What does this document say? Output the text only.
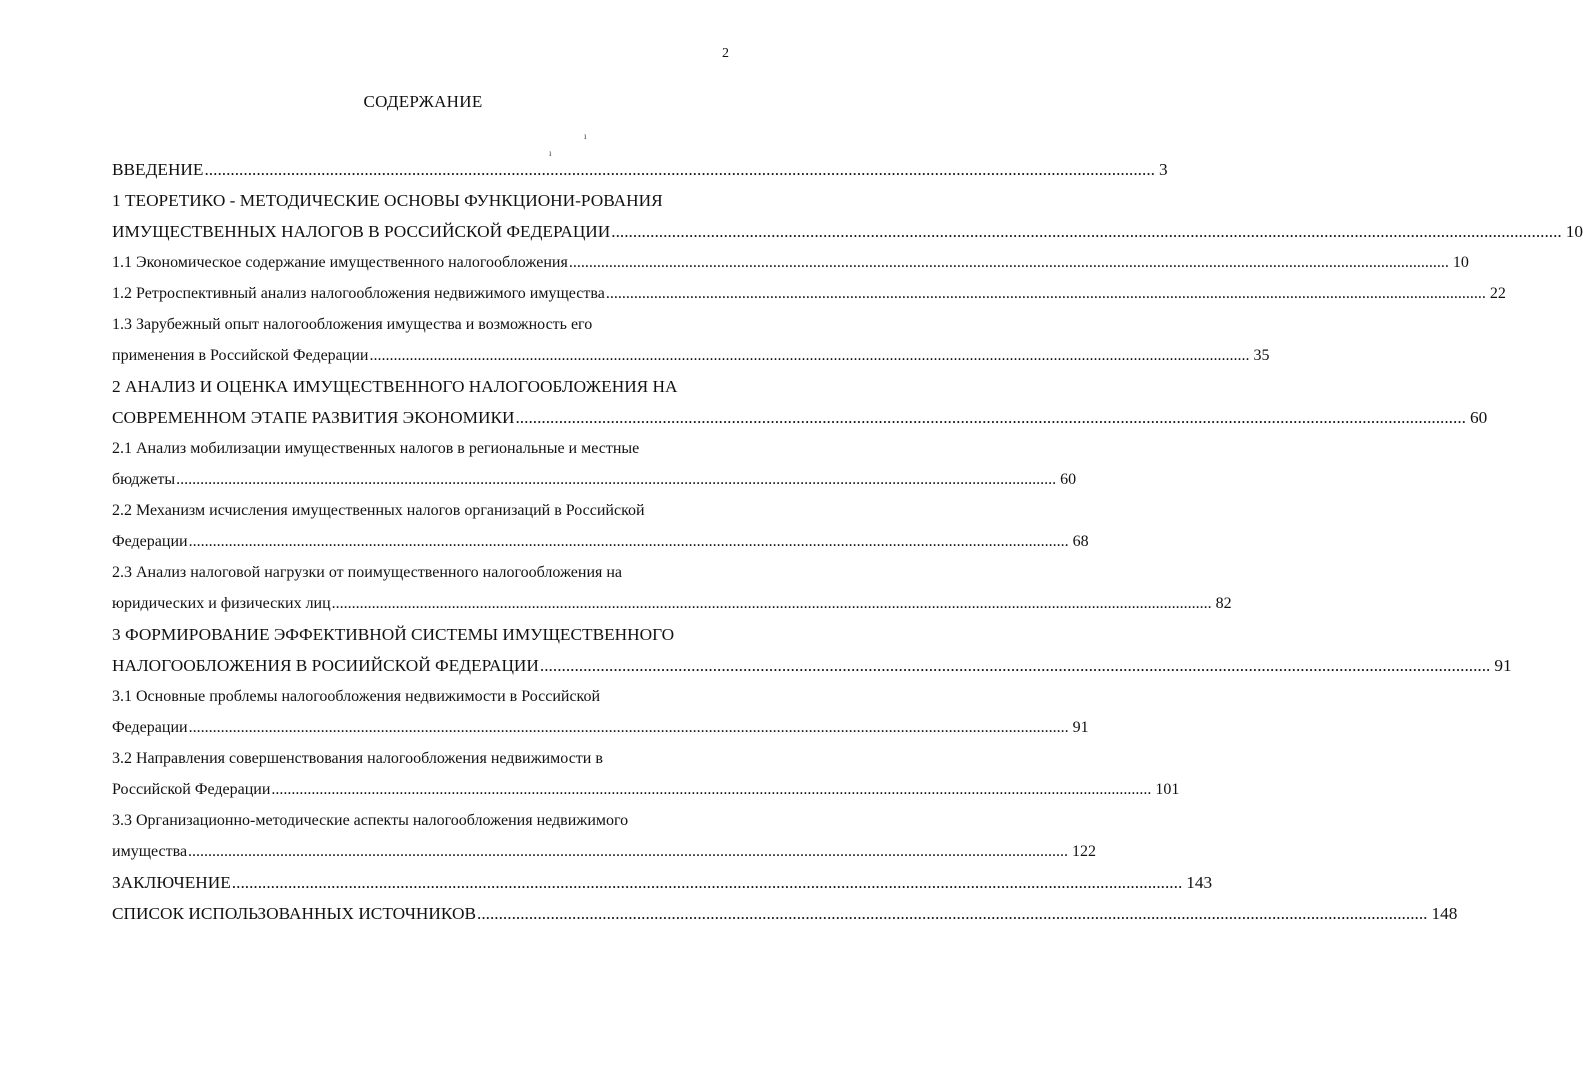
2
СОДЕРЖАНИЕ
ı
ı
ВВЕДЕНИЕ ............................................................................................................................................................................................................................ 3
1 ТЕОРЕТИКО - МЕТОДИЧЕСКИЕ ОСНОВЫ ФУНКЦИОНИ-РОВАНИЯ
ИМУЩЕСТВЕННЫХ НАЛОГОВ В РОССИЙСКОЙ ФЕДЕРАЦИИ ............................................................................................................................................................................................................................ 10
1.1 Экономическое содержание имущественного налогообложения ............................................................................................................................................................................................................................ 10
1.2 Ретроспективный анализ налогообложения недвижимого имущества ............................................................................................................................................................................................................................ 22
1.3 Зарубежный опыт налогообложения имущества и возможность его
применения в Российской Федерации ............................................................................................................................................................................................................................ 35
2 АНАЛИЗ И ОЦЕНКА ИМУЩЕСТВЕННОГО НАЛОГООБЛОЖЕНИЯ НА
СОВРЕМЕННОМ ЭТАПЕ РАЗВИТИЯ ЭКОНОМИКИ ............................................................................................................................................................................................................................ 60
2.1 Анализ мобилизации имущественных налогов в региональные и местные
бюджеты ............................................................................................................................................................................................................................ 60
2.2 Механизм исчисления имущественных налогов организаций в Российской
Федерации ............................................................................................................................................................................................................................ 68
2.3 Анализ налоговой нагрузки от поимущественного налогообложения на
юридических и физических лиц ............................................................................................................................................................................................................................ 82
3 ФОРМИРОВАНИЕ ЭФФЕКТИВНОЙ СИСТЕМЫ ИМУЩЕСТВЕННОГО
НАЛОГООБЛОЖЕНИЯ В РОСИИЙСКОЙ ФЕДЕРАЦИИ ............................................................................................................................................................................................................................ 91
3.1 Основные проблемы налогообложения недвижимости в Российской
Федерации ............................................................................................................................................................................................................................ 91
3.2 Направления совершенствования налогообложения недвижимости в
Российской Федерации ............................................................................................................................................................................................................................ 101
3.3 Организационно-методические аспекты налогообложения недвижимого
имущества ............................................................................................................................................................................................................................ 122
ЗАКЛЮЧЕНИЕ ............................................................................................................................................................................................................................ 143
СПИСОК ИСПОЛЬЗОВАННЫХ ИСТОЧНИКОВ ............................................................................................................................................................................................................................ 148
